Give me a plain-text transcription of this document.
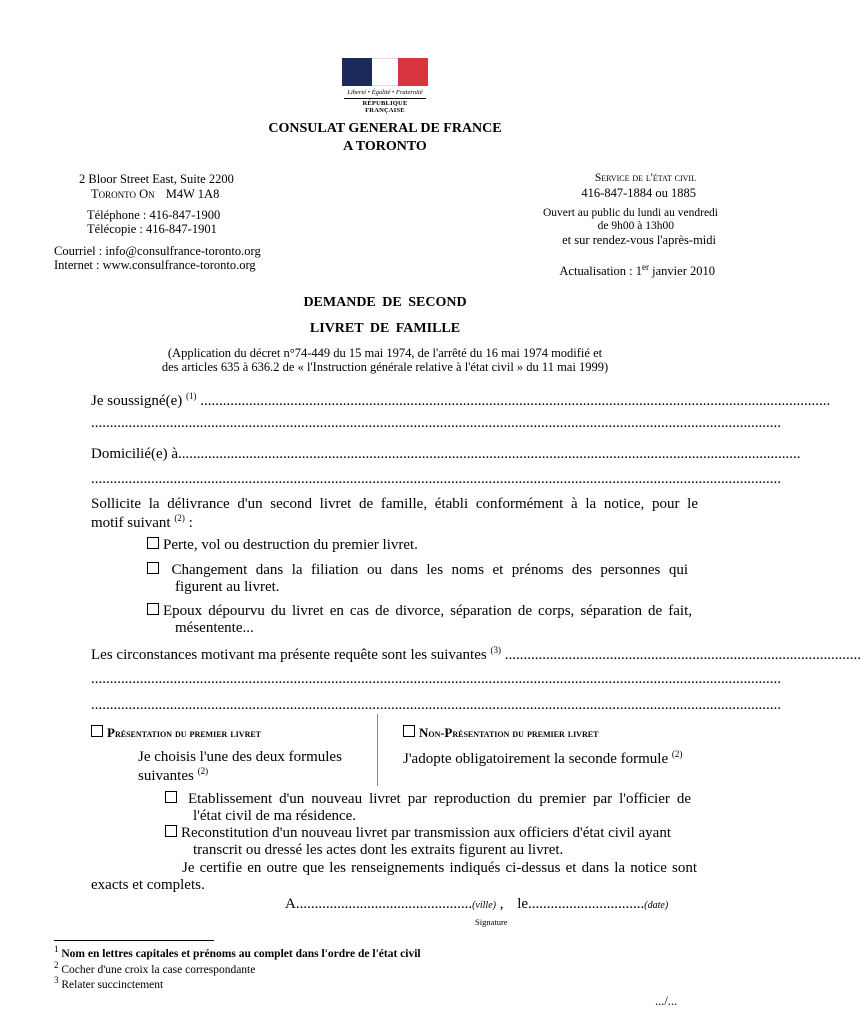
Liberté • Égalité • Fraternité
RÉPUBLIQUE FRANÇAISE
CONSULAT GENERAL DE FRANCE
A TORONTO
2 Bloor Street East, Suite 2200
Toronto On M4W 1A8
Téléphone : 416-847-1900
Télécopie : 416-847-1901
Courriel : info@consulfrance-toronto.org
Internet : www.consulfrance-toronto.org
Service de l'état civil
416-847-1884 ou 1885
Ouvert au public du lundi au vendredi
de 9h00 à 13h00
et sur rendez-vous l'après-midi
Actualisation : 1er janvier 2010
DEMANDE DE SECOND
LIVRET DE FAMILLE
(Application du décret n°74-449 du 15 mai 1974, de l'arrêté du 16 mai 1974 modifié et
des articles 635 à 636.2 de « l'Instruction générale relative à l'état civil » du 11 mai 1999)
Je soussigné(e) $^{(1)}$ ........................................................................................................................................................................
........................................................................................................................................................................................
Domicilié(e) à......................................................................................................................................................................
........................................................................................................................................................................................
Sollicite la délivrance d'un second livret de famille, établi conformément à la notice, pour le
motif suivant $^{(2)}$ :
Perte, vol ou destruction du premier livret.
Changement dans la filiation ou dans les noms et prénoms des personnes qui
figurent au livret.
Epoux dépourvu du livret en cas de divorce, séparation de corps, séparation de fait,
mésentente...
Les circonstances motivant ma présente requête sont les suivantes $^{(3)}$ ...............................................................................................
........................................................................................................................................................................................
........................................................................................................................................................................................
Présentation du premier livret
Je choisis l'une des deux formules
suivantes $^{(2)}$
Non-Présentation du premier livret
J'adopte obligatoirement la seconde formule $^{(2)}$
Etablissement d'un nouveau livret par reproduction du premier par l'officier de
l'état civil de ma résidence.
Reconstitution d'un nouveau livret par transmission aux officiers d'état civil ayant
transcrit ou dressé les actes dont les extraits figurent au livret.
Je certifie en outre que les renseignements indiqués ci-dessus et dans la notice sont
exacts et complets.
A...............................................(ville) , le...............................(date)
Signature
$^1$ Nom en lettres capitales et prénoms au complet dans l'ordre de l'état civil
$^2$ Cocher d'une croix la case correspondante
$^3$ Relater succinctement
.../...
